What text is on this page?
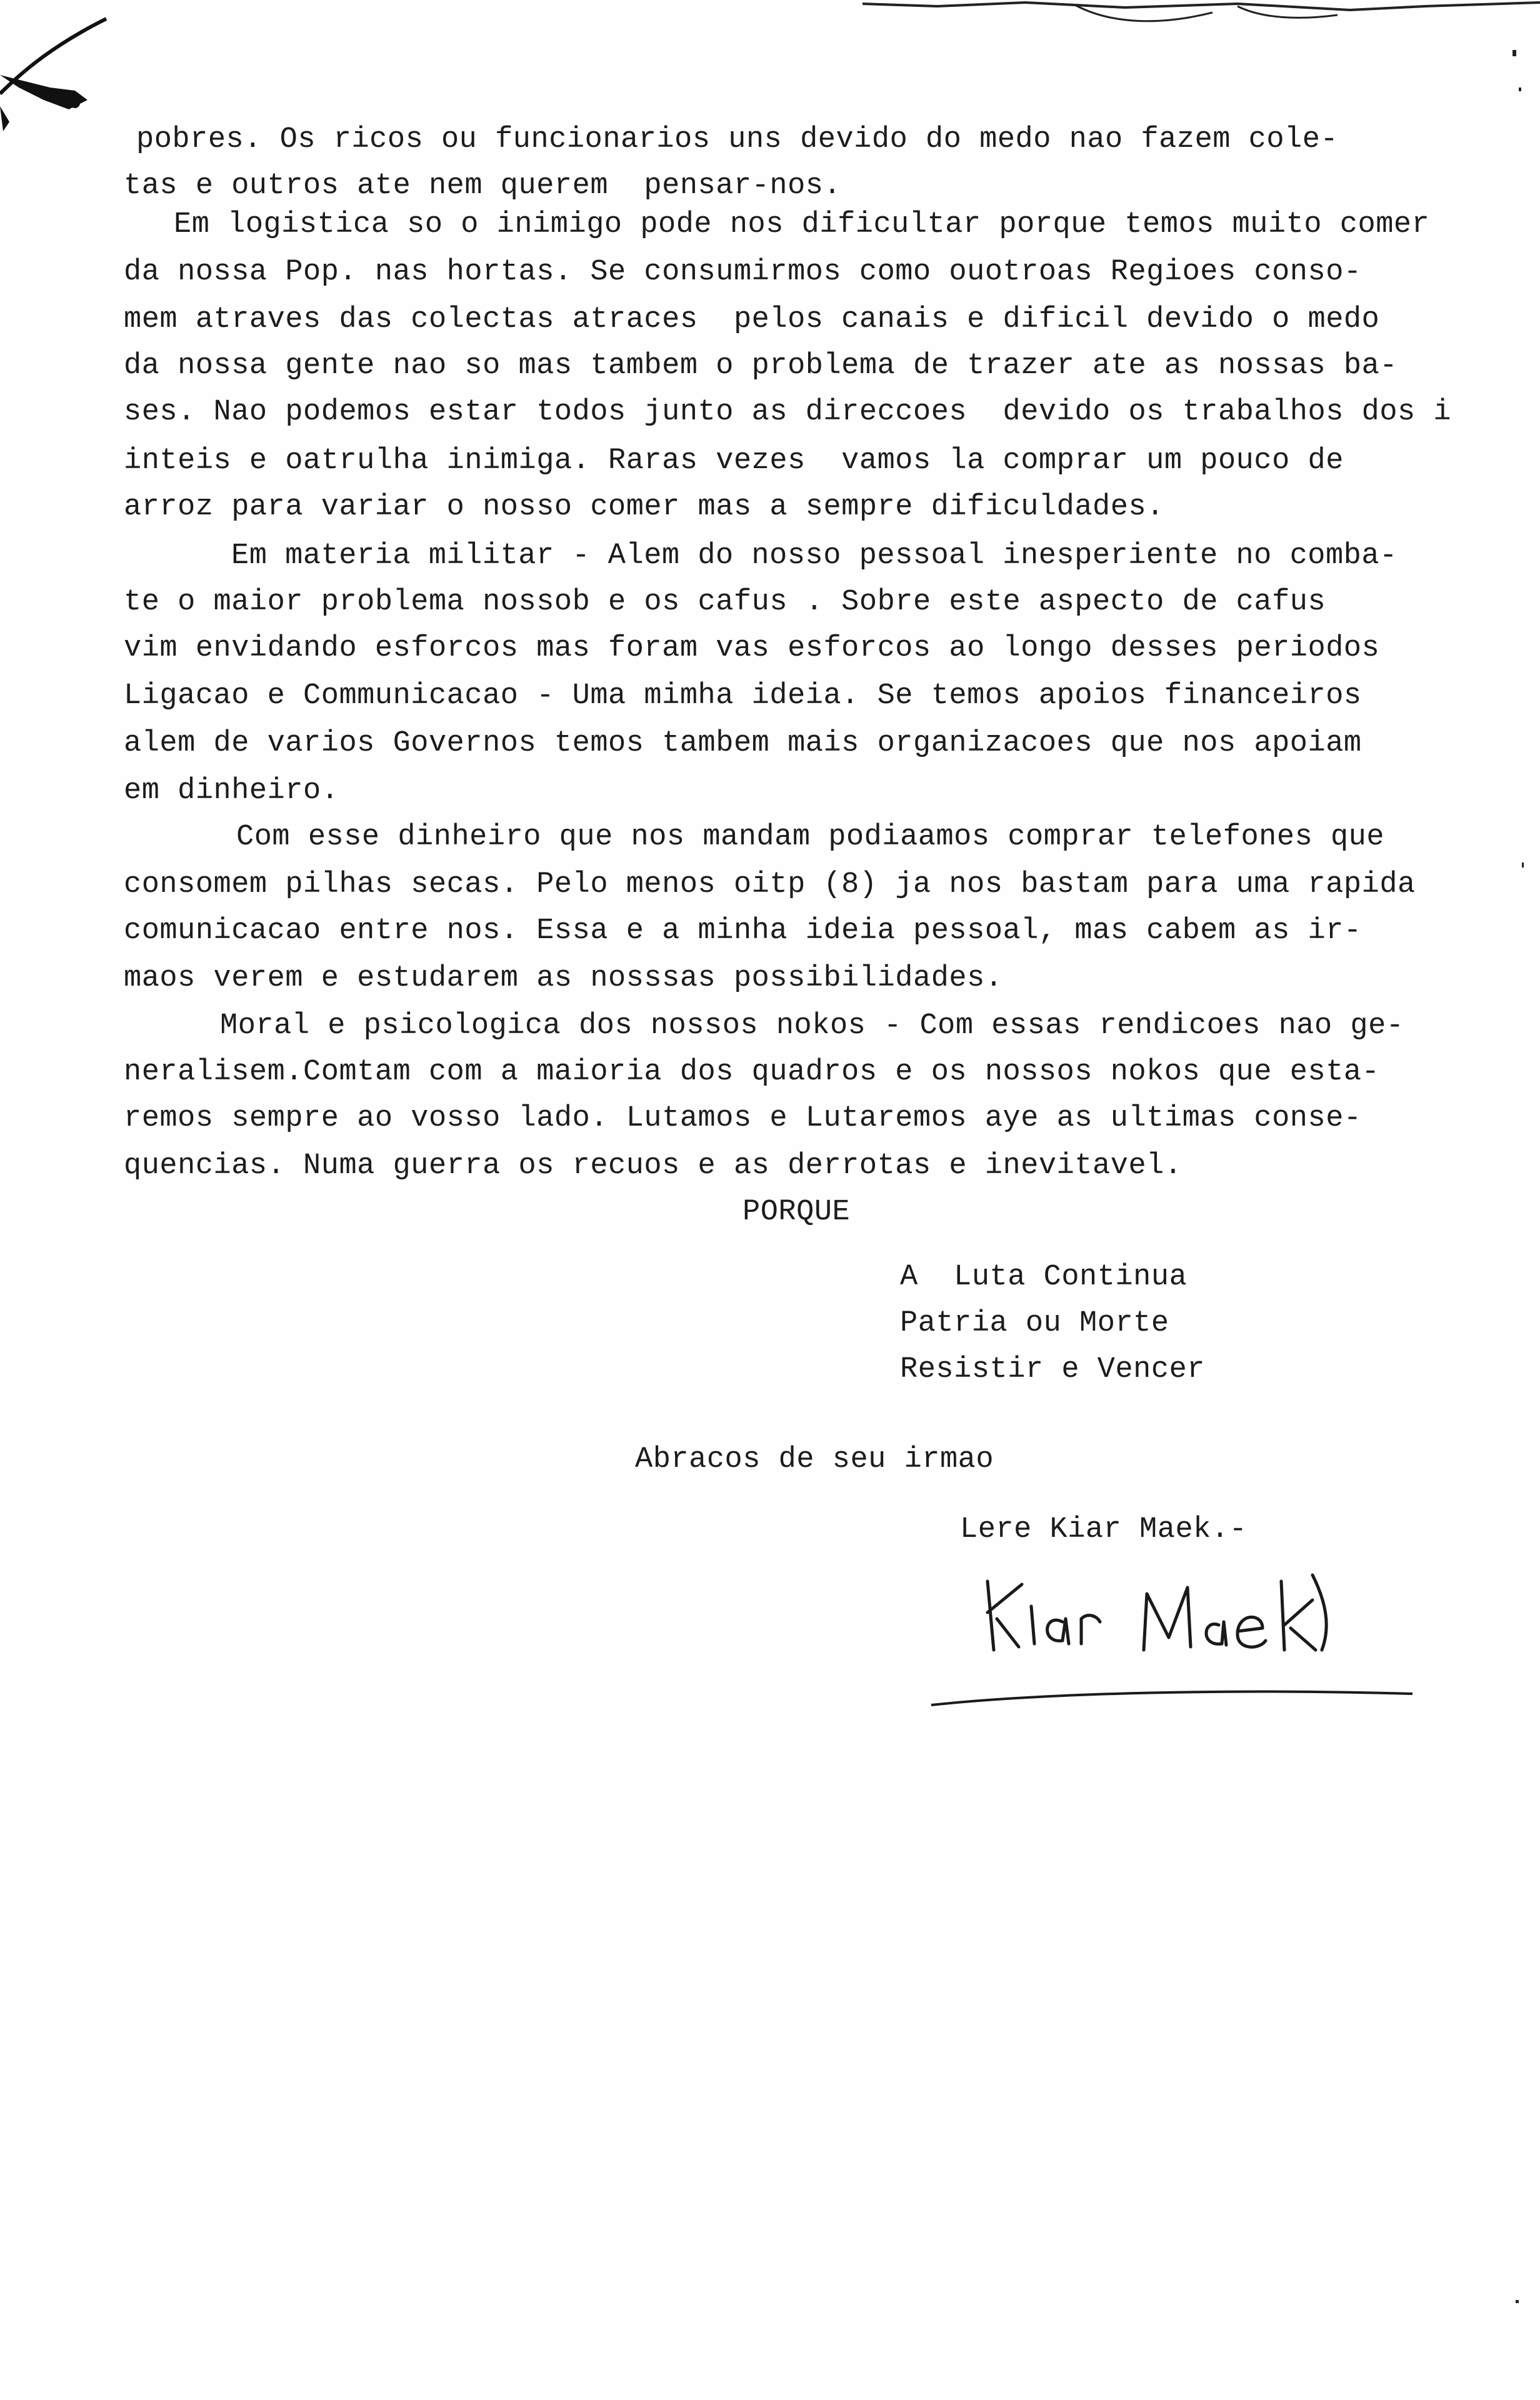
pobres. Os ricos ou funcionarios uns devido do medo nao fazem cole-
tas e outros ate nem querem  pensar-nos.
Em logistica so o inimigo pode nos dificultar porque temos muito comer
da nossa Pop. nas hortas. Se consumirmos como ouotroas Regioes conso-
mem atraves das colectas atraces  pelos canais e dificil devido o medo
da nossa gente nao so mas tambem o problema de trazer ate as nossas ba-
ses. Nao podemos estar todos junto as direccoes  devido os trabalhos dos i
inteis e oatrulha inimiga. Raras vezes  vamos la comprar um pouco de
arroz para variar o nosso comer mas a sempre dificuldades.
Em materia militar - Alem do nosso pessoal inesperiente no comba-
te o maior problema nossob e os cafus . Sobre este aspecto de cafus
vim envidando esforcos mas foram vas esforcos ao longo desses periodos
Ligacao e Communicacao - Uma mimha ideia. Se temos apoios financeiros
alem de varios Governos temos tambem mais organizacoes que nos apoiam
em dinheiro.
Com esse dinheiro que nos mandam podiaamos comprar telefones que
consomem pilhas secas. Pelo menos oitp (8) ja nos bastam para uma rapida
comunicacao entre nos. Essa e a minha ideia pessoal, mas cabem as ir-
maos verem e estudarem as nosssas possibilidades.
Moral e psicologica dos nossos nokos - Com essas rendicoes nao ge-
neralisem.Comtam com a maioria dos quadros e os nossos nokos que esta-
remos sempre ao vosso lado. Lutamos e Lutaremos aye as ultimas conse-
quencias. Numa guerra os recuos e as derrotas e inevitavel.
PORQUE
A  Luta Continua
Patria ou Morte
Resistir e Vencer
Abracos de seu irmao
Lere Kiar Maek.-
